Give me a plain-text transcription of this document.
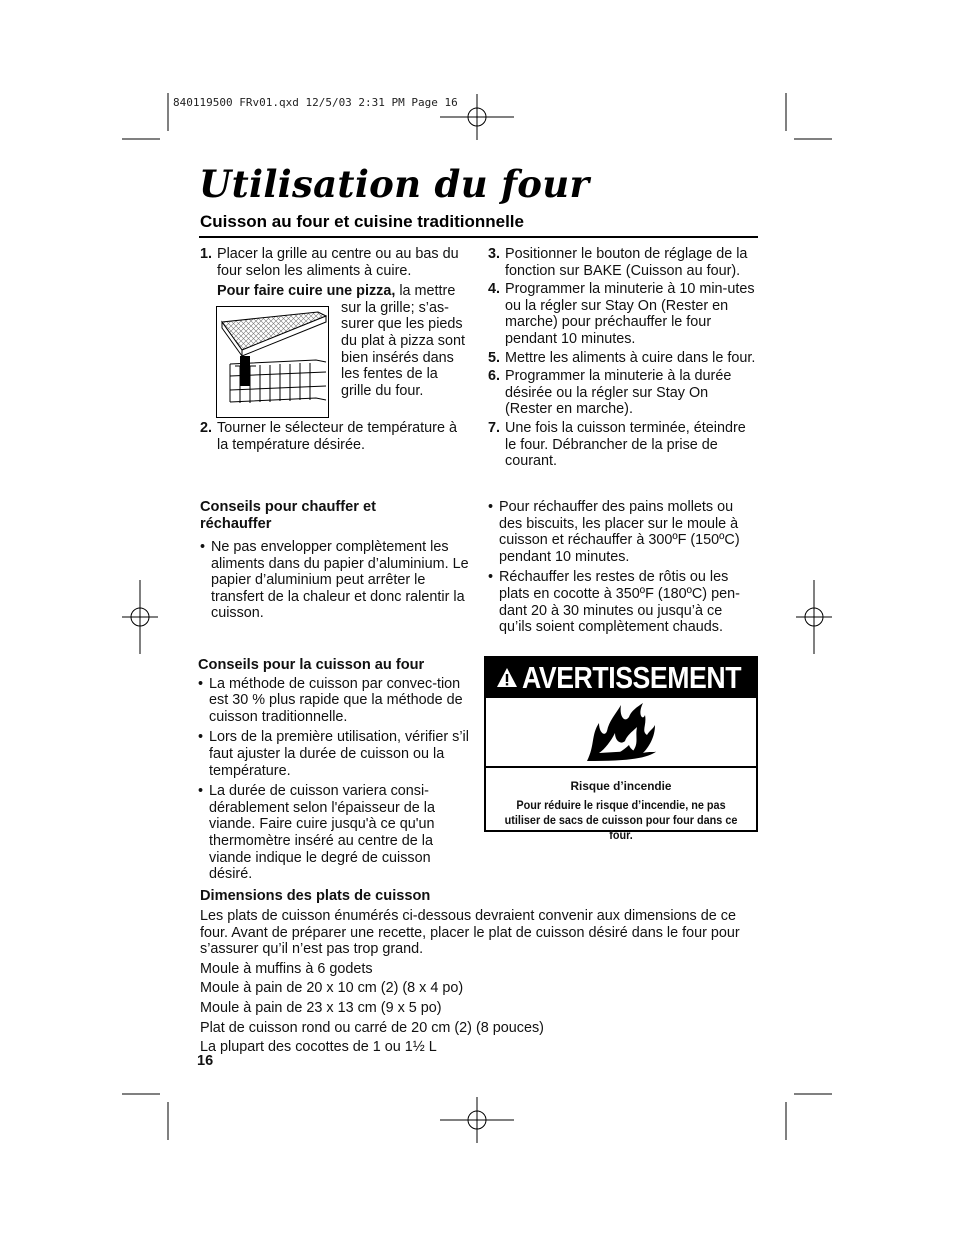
840119500 FRv01.qxd 12/5/03 2:31 PM Page 16
Utilisation du four
Cuisson au four et cuisine traditionnelle
1. Placer la grille au centre ou au bas du four selon les aliments à cuire.
Pour faire cuire une pizza, la mettre
sur la grille; s’as-surer que les pieds du plat à pizza sont bien insérés dans les fentes de la grille du four.
2. Tourner le sélecteur de température à la température désirée.
3. Positionner le bouton de réglage de la fonction sur BAKE (Cuisson au four).
4. Programmer la minuterie à 10 min-utes ou la régler sur Stay On (Rester en marche) pour préchauffer le four pendant 10 minutes.
5. Mettre les aliments à cuire dans le four.
6. Programmer la minuterie à la durée désirée ou la régler sur Stay On (Rester en marche).
7. Une fois la cuisson terminée, éteindre le four. Débrancher de la prise de courant.
Conseils pour chauffer et réchauffer
• Ne pas envelopper complètement les aliments dans du papier d’aluminium. Le papier d’aluminium peut arrêter le transfert de la chaleur et donc ralentir la cuisson.
• Pour réchauffer des pains mollets ou des biscuits, les placer sur le moule à cuisson et réchauffer à 300ºF (150ºC) pendant 10 minutes.
• Réchauffer les restes de rôtis ou les plats en cocotte à 350ºF (180ºC) pen-dant 20 à 30 minutes ou jusqu’à ce qu’ils soient complètement chauds.
Conseils pour la cuisson au four
• La méthode de cuisson par convec-tion est 30 % plus rapide que la méthode de cuisson traditionnelle.
• Lors de la première utilisation, vérifier s’il faut ajuster la durée de cuisson ou la température.
• La durée de cuisson variera consi-dérablement selon l'épaisseur de la viande. Faire cuire jusqu'à ce qu'un thermomètre inséré au centre de la viande indique le degré de cuisson désiré.
AVERTISSEMENT
Risque d’incendie
Pour réduire le risque d’incendie, ne pas utiliser de sacs de cuisson pour four dans ce four.
Dimensions des plats de cuisson

Les plats de cuisson énumérés ci-dessous devraient convenir aux dimensions de ce four. Avant de préparer une recette, placer le plat de cuisson désiré dans le four pour s’assurer qu’il n’est pas trop grand.

Moule à muffins à 6 godets

Moule à pain de 20 x 10 cm (2) (8 x 4 po)

Moule à pain de 23 x 13 cm (9 x 5 po)

Plat de cuisson rond ou carré de 20 cm (2) (8 pouces)

La plupart des cocottes de 1 ou 1½ L

16
